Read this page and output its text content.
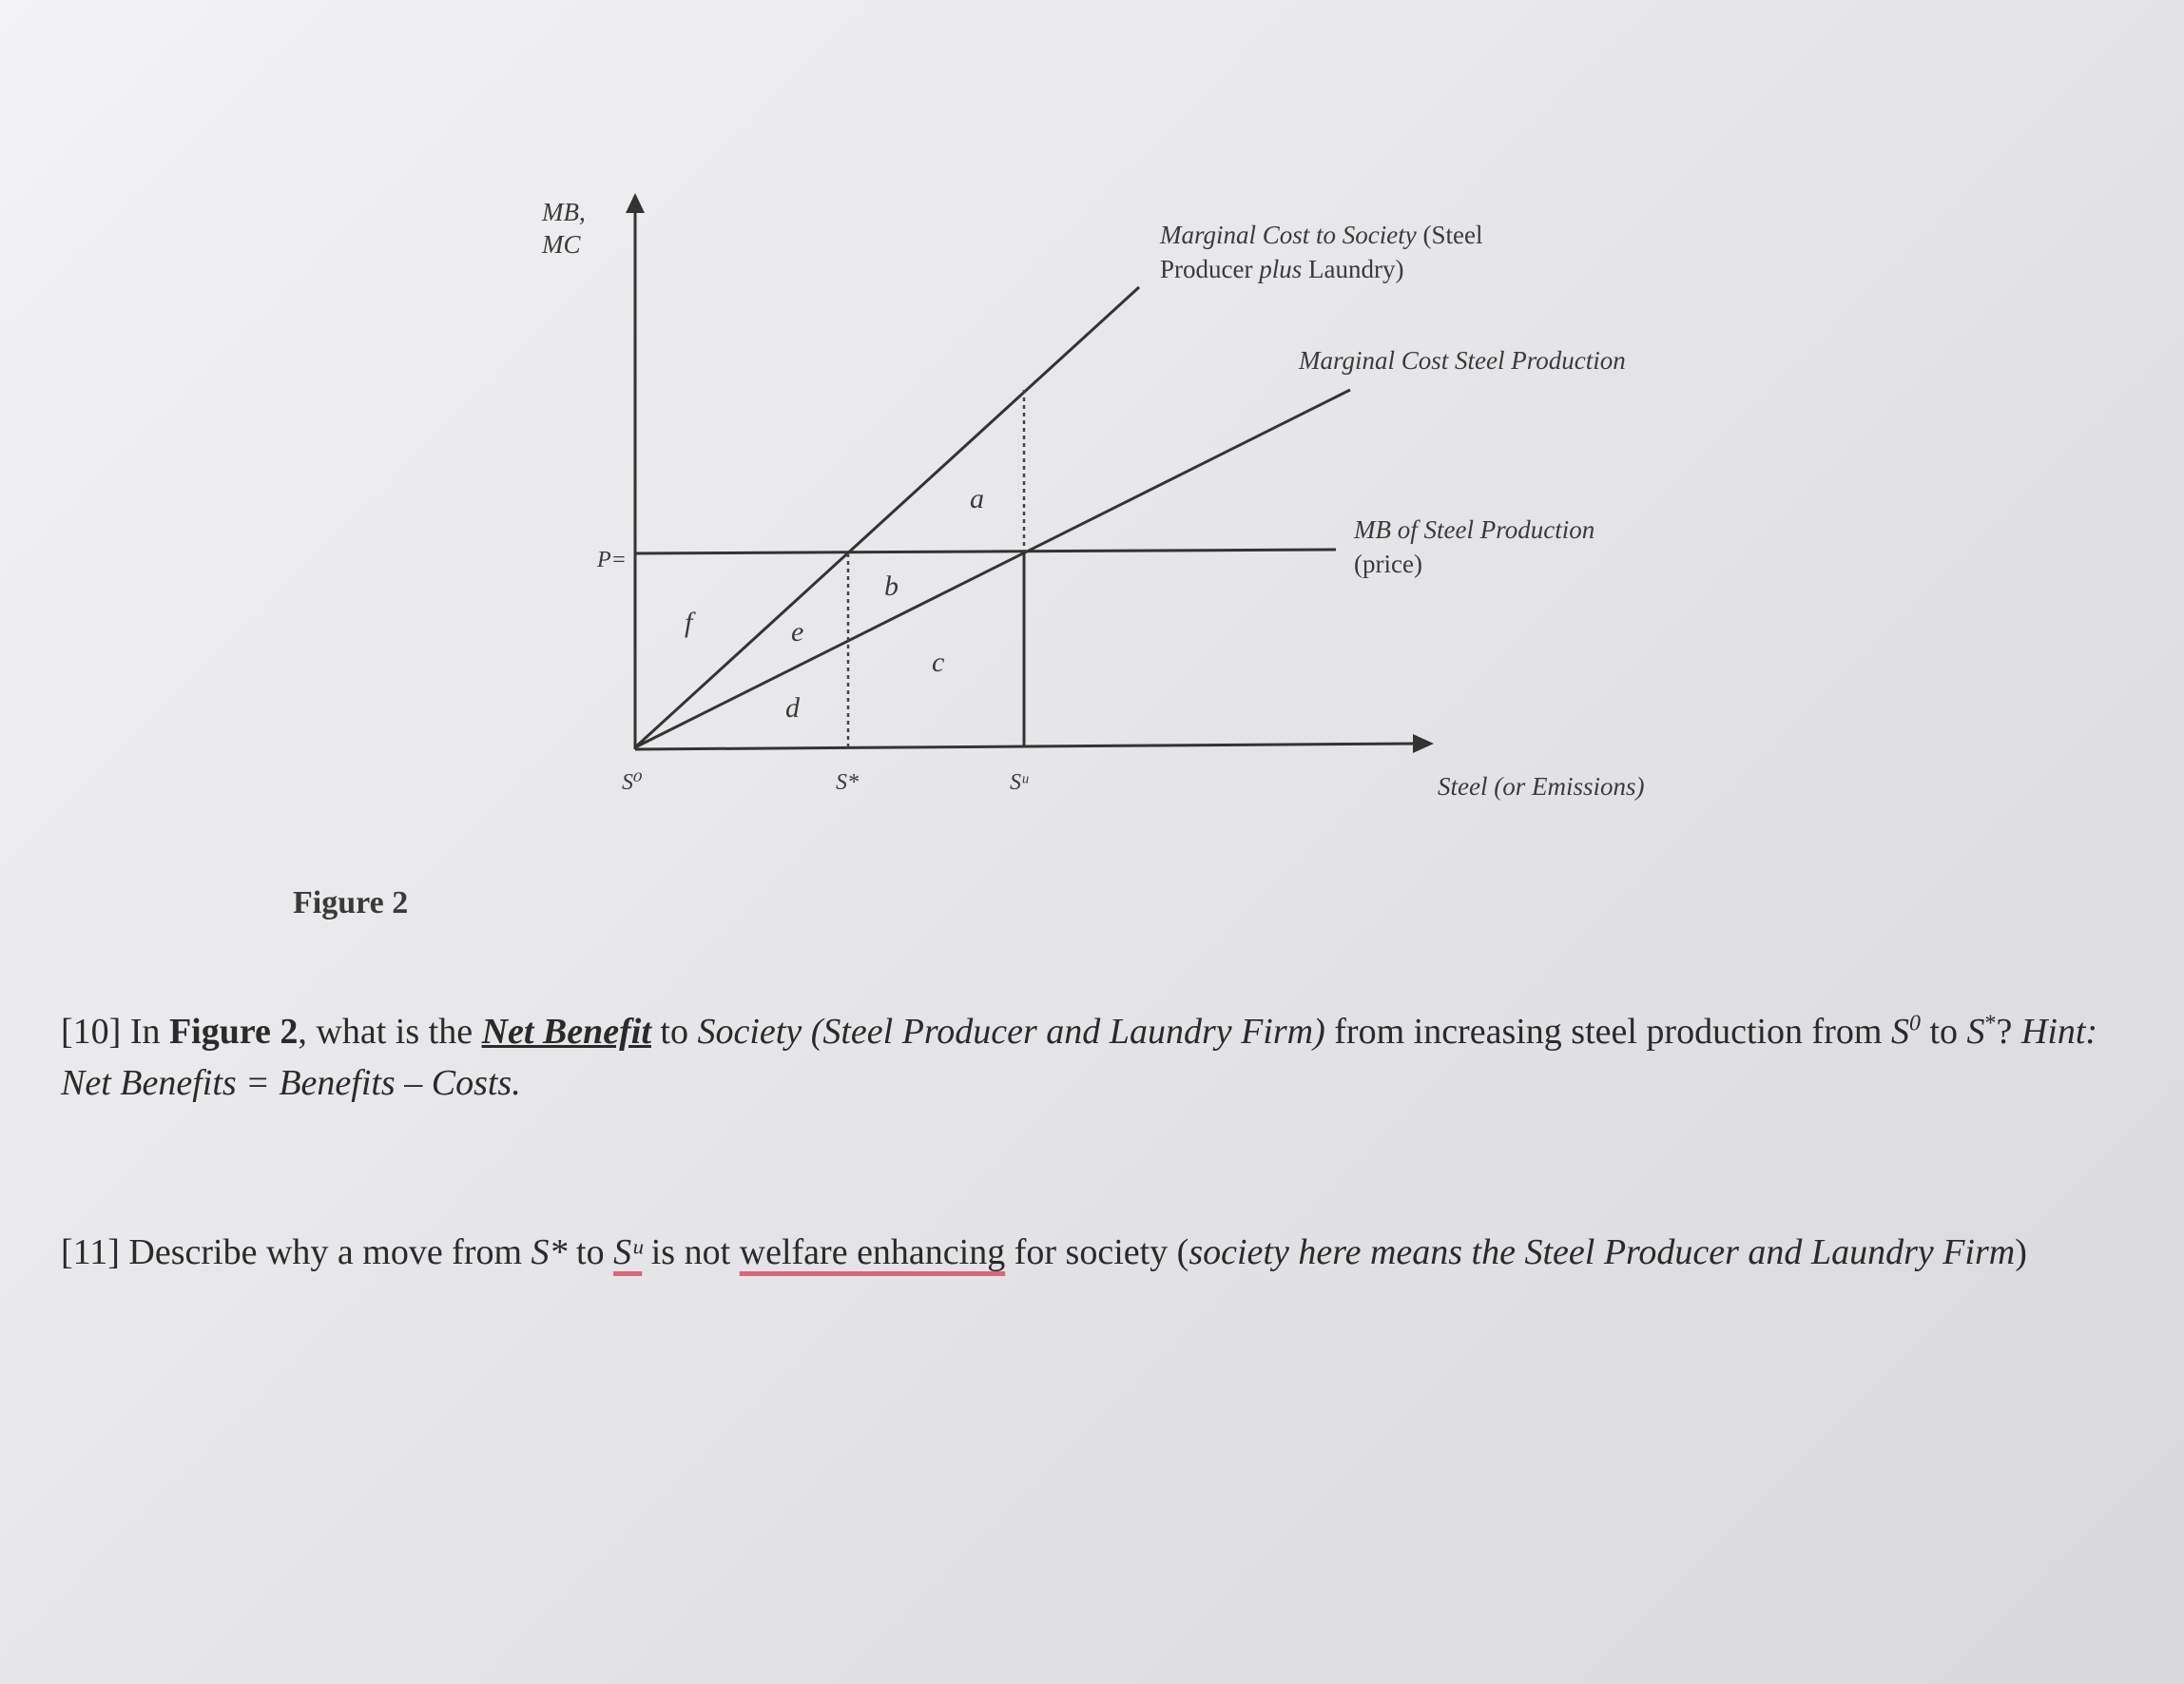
MB,
MC
P=
S⁰	S*	Sᵘ	Steel (or Emissions)
Marginal Cost to Society (Steel
Producer plus Laundry)
Marginal Cost Steel Production
MB of Steel Production
(price)
a
b
c
d
e
f
Figure 2
[10] In Figure 2, what is the Net Benefit to Society (Steel Producer and Laundry Firm) from increasing steel production from $S^0$ to S*? Hint:
Net Benefits = Benefits – Costs.
[11] Describe why a move from S* to Sᵘ is not welfare enhancing for society (society here means the Steel Producer and Laundry Firm)
